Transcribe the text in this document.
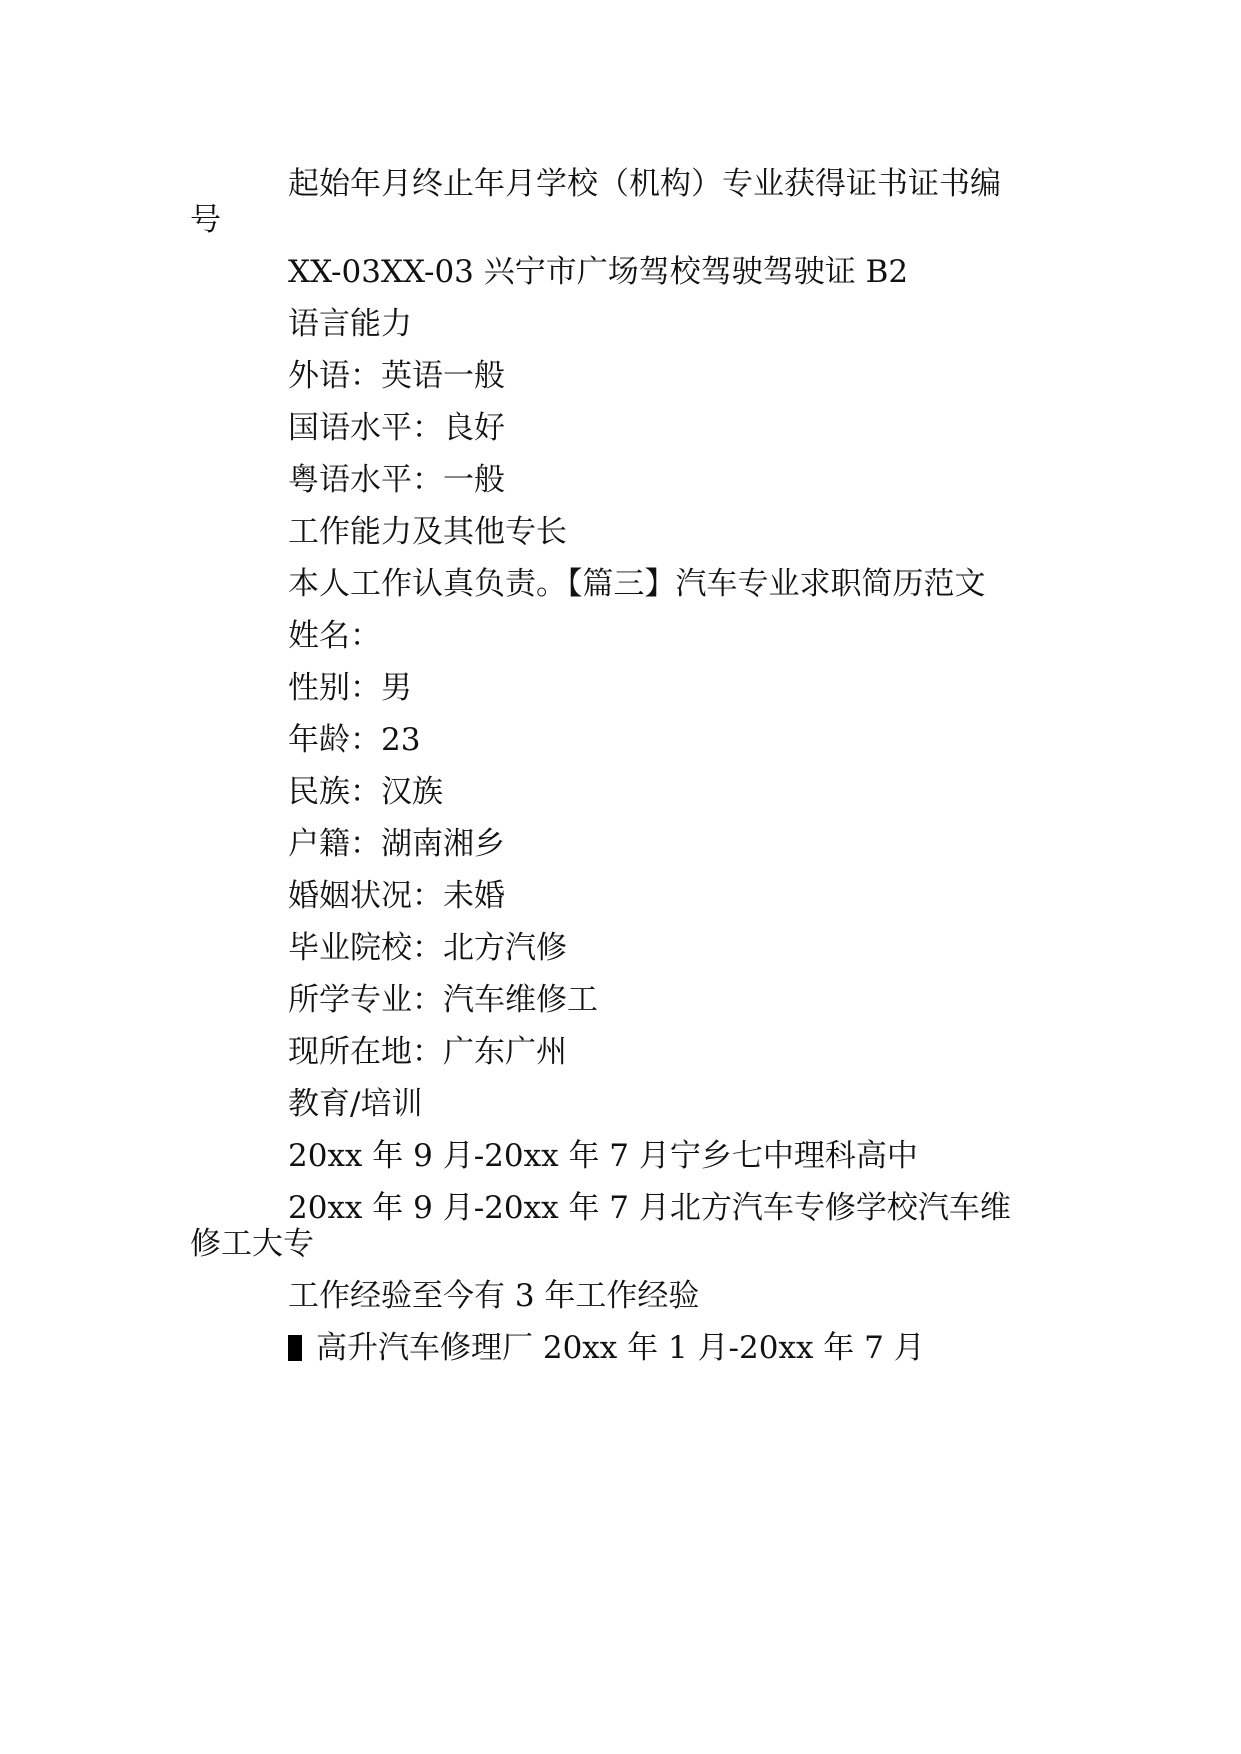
起始年月终止年月学校（机构）专业获得证书证书编
号
XX-03XX-03 兴宁市广场驾校驾驶驾驶证 B2
语言能力
外语：英语一般
国语水平：良好
粤语水平：一般
工作能力及其他专长
本人工作认真负责。【篇三】汽车专业求职简历范文
姓名：
性别：男
年龄：23
民族：汉族
户籍：湖南湘乡
婚姻状况：未婚
毕业院校：北方汽修
所学专业：汽车维修工
现所在地：广东广州
教育/培训
20xx 年 9 月-20xx 年 7 月宁乡七中理科高中
20xx 年 9 月-20xx 年 7 月北方汽车专修学校汽车维
修工大专
工作经验至今有 3 年工作经验
高升汽车修理厂 20xx 年 1 月-20xx 年 7 月
